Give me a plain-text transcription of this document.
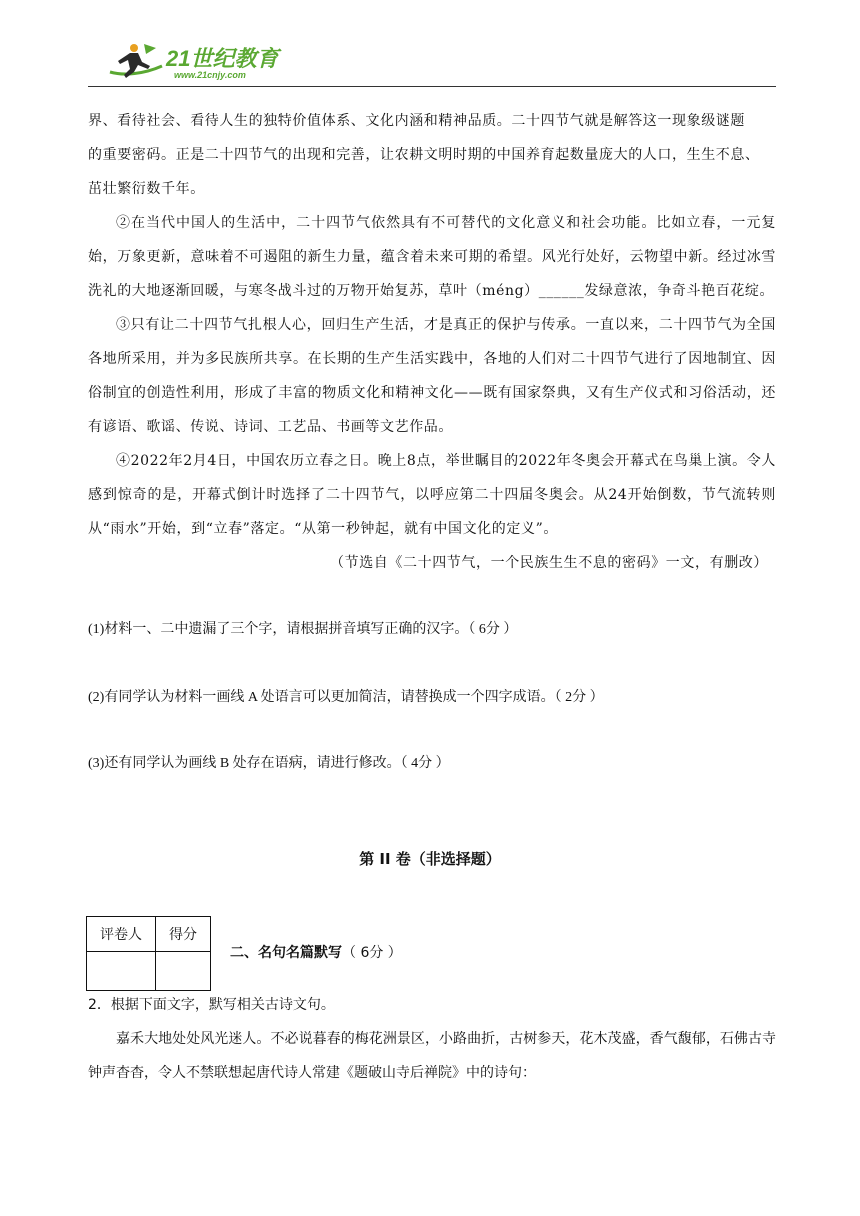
21世纪教育
www.21cnjy.com

界、看待社会、看待人生的独特价值体系、文化内涵和精神品质。二十四节气就是解答这一现象级谜题

的重要密码。正是二十四节气的出现和完善，让农耕文明时期的中国养育起数量庞大的人口，生生不息、

茁壮繁衍数千年。

②在当代中国人的生活中，二十四节气依然具有不可替代的文化意义和社会功能。比如立春，一元复始，万象更新，意味着不可遏阻的新生力量，蕴含着未来可期的希望。风光行处好，云物望中新。经过冰雪洗礼的大地逐渐回暖，与寒冬战斗过的万物开始复苏，草叶（méng）______发绿意浓，争奇斗艳百花绽。

③只有让二十四节气扎根人心，回归生产生活，才是真正的保护与传承。一直以来，二十四节气为全国各地所采用，并为多民族所共享。在长期的生产生活实践中，各地的人们对二十四节气进行了因地制宜、因俗制宜的创造性利用，形成了丰富的物质文化和精神文化——既有国家祭典，又有生产仪式和习俗活动，还有谚语、歌谣、传说、诗词、工艺品、书画等文艺作品。

④2022年2月4日，中国农历立春之日。晚上8点，举世瞩目的2022年冬奥会开幕式在鸟巢上演。令人感到惊奇的是，开幕式倒计时选择了二十四节气，以呼应第二十四届冬奥会。从24开始倒数，节气流转则从“雨水”开始，到“立春”落定。“从第一秒钟起，就有中国文化的定义”。

（节选自《二十四节气，一个民族生生不息的密码》一文，有删改）

(1)材料一、二中遗漏了三个字，请根据拼音填写正确的汉字。（ 6分 ）
(2)有同学认为材料一画线 A 处语言可以更加简洁，请替换成一个四字成语。（ 2分 ）
(3)还有同学认为画线 B 处存在语病，请进行修改。（ 4分 ）
第 II 卷（非选择题）
评卷人	得分

二、名句名篇默写（ 6分 ）

2．根据下面文字，默写相关古诗文句。

嘉禾大地处处风光迷人。不必说暮春的梅花洲景区，小路曲折，古树参天，花木茂盛，香气馥郁，石佛古寺钟声杳杳，令人不禁联想起唐代诗人常建《题破山寺后禅院》中的诗句：
